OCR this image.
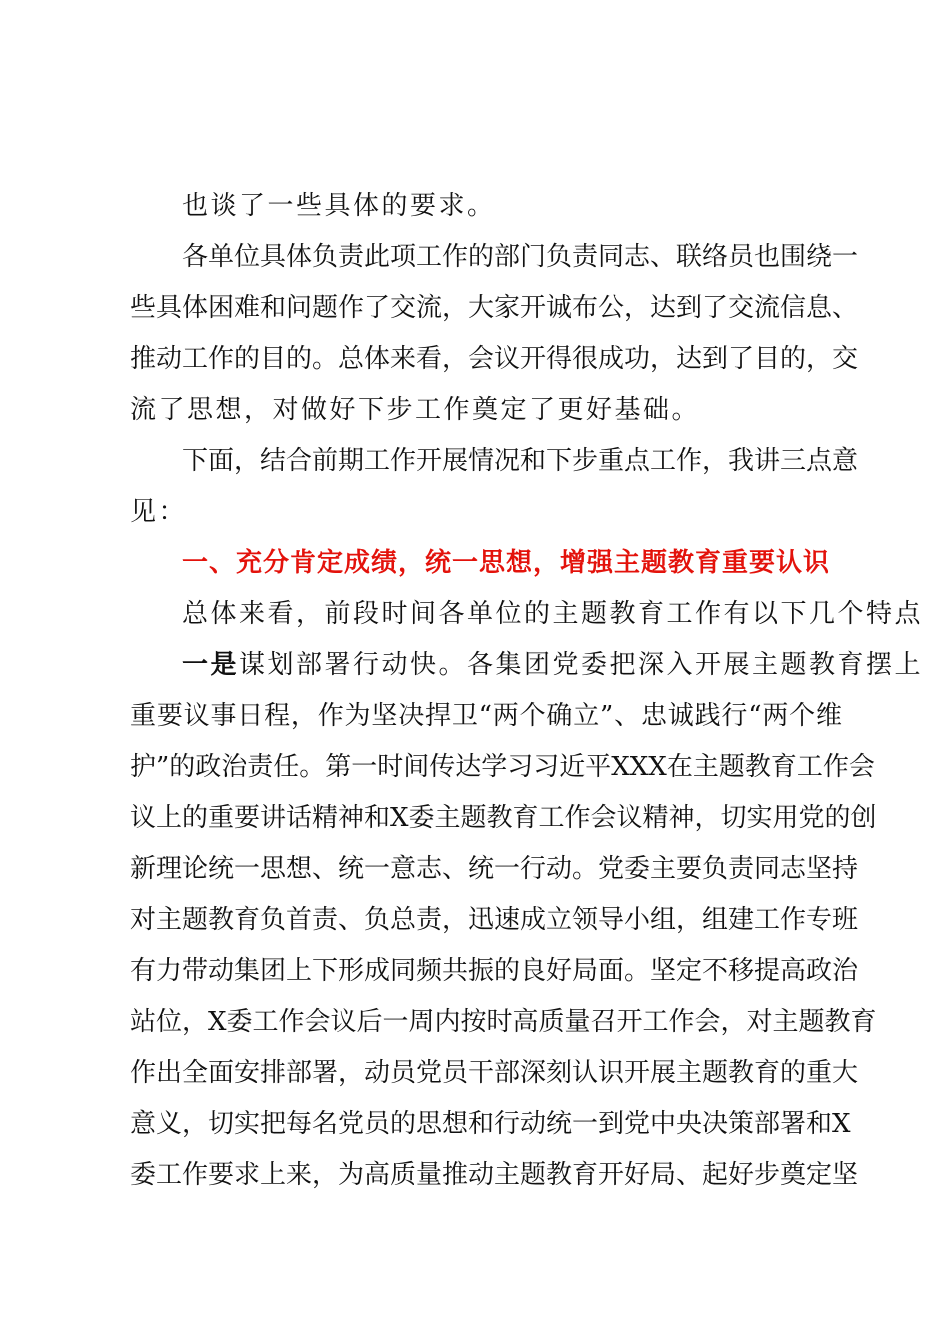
也谈了一些具体的要求。
各单位具体负责此项工作的部门负责同志、联络员也围绕一
些具体困难和问题作了交流，大家开诚布公，达到了交流信息、
推动工作的目的。总体来看，会议开得很成功，达到了目的，交
流了思想，对做好下步工作奠定了更好基础。
下面，结合前期工作开展情况和下步重点工作，我讲三点意
见：
一、充分肯定成绩，统一思想，增强主题教育重要认识
总体来看，前段时间各单位的主题教育工作有以下几个特点
一是谋划部署行动快。各集团党委把深入开展主题教育摆上
重要议事日程，作为坚决捍卫“两个确立”、忠诚践行“两个维
护”的政治责任。第一时间传达学习习近平XXX在主题教育工作会
议上的重要讲话精神和X委主题教育工作会议精神，切实用党的创
新理论统一思想、统一意志、统一行动。党委主要负责同志坚持
对主题教育负首责、负总责，迅速成立领导小组，组建工作专班
有力带动集团上下形成同频共振的良好局面。坚定不移提高政治
站位，X委工作会议后一周内按时高质量召开工作会，对主题教育
作出全面安排部署，动员党员干部深刻认识开展主题教育的重大
意义，切实把每名党员的思想和行动统一到党中央决策部署和X
委工作要求上来，为高质量推动主题教育开好局、起好步奠定坚
